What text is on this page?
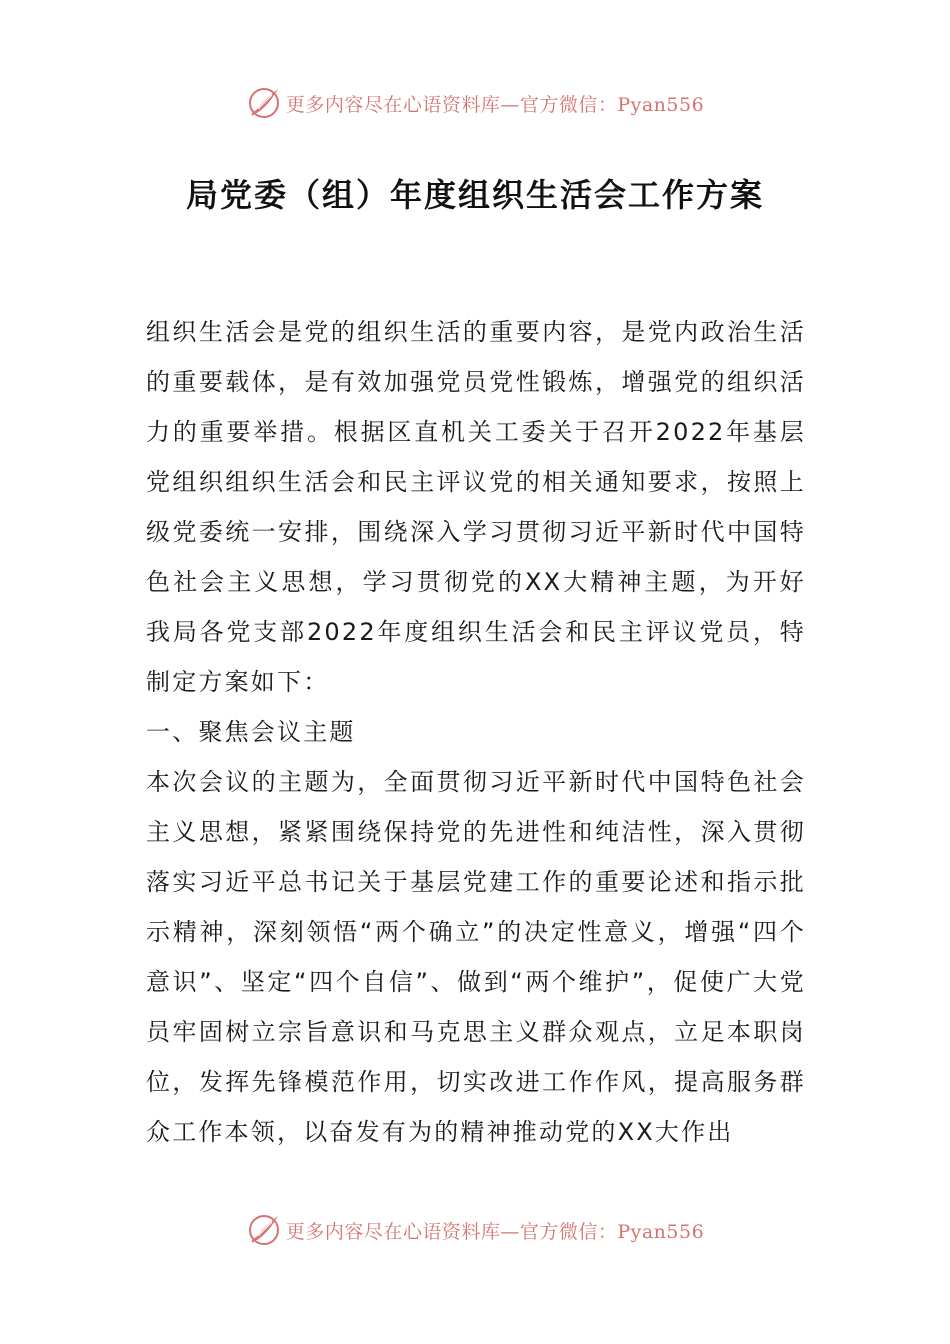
更多内容尽在心语资料库—官方微信：Pyan556
局党委（组）年度组织生活会工作方案

组织生活会是党的组织生活的重要内容，是党内政治生活的重要载体，是有效加强党员党性锻炼，增强党的组织活力的重要举措。根据区直机关工委关于召开2022年基层党组织组织生活会和民主评议党的相关通知要求，按照上级党委统一安排，围绕深入学习贯彻习近平新时代中国特色社会主义思想，学习贯彻党的XX大精神主题，为开好我局各党支部2022年度组织生活会和民主评议党员，特制定方案如下：

一、聚焦会议主题

本次会议的主题为，全面贯彻习近平新时代中国特色社会主义思想，紧紧围绕保持党的先进性和纯洁性，深入贯彻落实习近平总书记关于基层党建工作的重要论述和指示批示精神，深刻领悟“两个确立”的决定性意义，增强“四个意识”、坚定“四个自信”、做到“两个维护”，促使广大党员牢固树立宗旨意识和马克思主义群众观点，立足本职岗位，发挥先锋模范作用，切实改进工作作风，提高服务群众工作本领，以奋发有为的精神推动党的XX大作出

更多内容尽在心语资料库—官方微信：Pyan556
